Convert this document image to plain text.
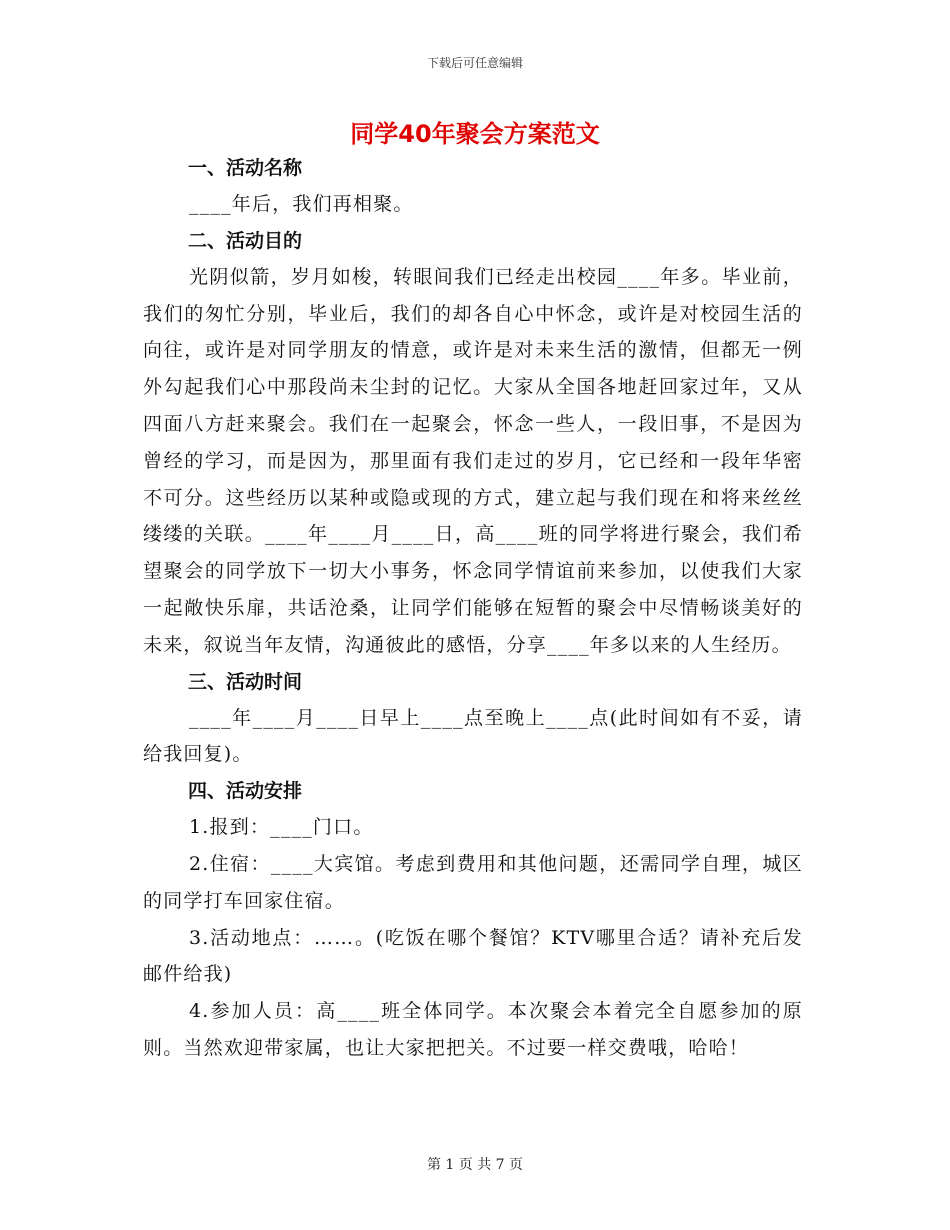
下载后可任意编辑
同学40年聚会方案范文
一、活动名称

____年后，我们再相聚。

二、活动目的

光阴似箭，岁月如梭，转眼间我们已经走出校园____年多。毕业前，我们的匆忙分别，毕业后，我们的却各自心中怀念，或许是对校园生活的向往，或许是对同学朋友的情意，或许是对未来生活的激情，但都无一例外勾起我们心中那段尚未尘封的记忆。大家从全国各地赶回家过年，又从四面八方赶来聚会。我们在一起聚会，怀念一些人，一段旧事，不是因为曾经的学习，而是因为，那里面有我们走过的岁月，它已经和一段年华密不可分。这些经历以某种或隐或现的方式，建立起与我们现在和将来丝丝缕缕的关联。____年____月____日，高____班的同学将进行聚会，我们希望聚会的同学放下一切大小事务，怀念同学情谊前来参加，以使我们大家一起敞快乐扉，共话沧桑，让同学们能够在短暂的聚会中尽情畅谈美好的未来，叙说当年友情，沟通彼此的感悟，分享____年多以来的人生经历。

三、活动时间

____年____月____日早上____点至晚上____点(此时间如有不妥，请给我回复)。

四、活动安排

1.报到：____门口。

2.住宿：____大宾馆。考虑到费用和其他问题，还需同学自理，城区的同学打车回家住宿。

3.活动地点：……。(吃饭在哪个餐馆？KTV哪里合适？请补充后发邮件给我)

4.参加人员：高____班全体同学。本次聚会本着完全自愿参加的原则。当然欢迎带家属，也让大家把把关。不过要一样交费哦，哈哈！

第 1 页 共 7 页
